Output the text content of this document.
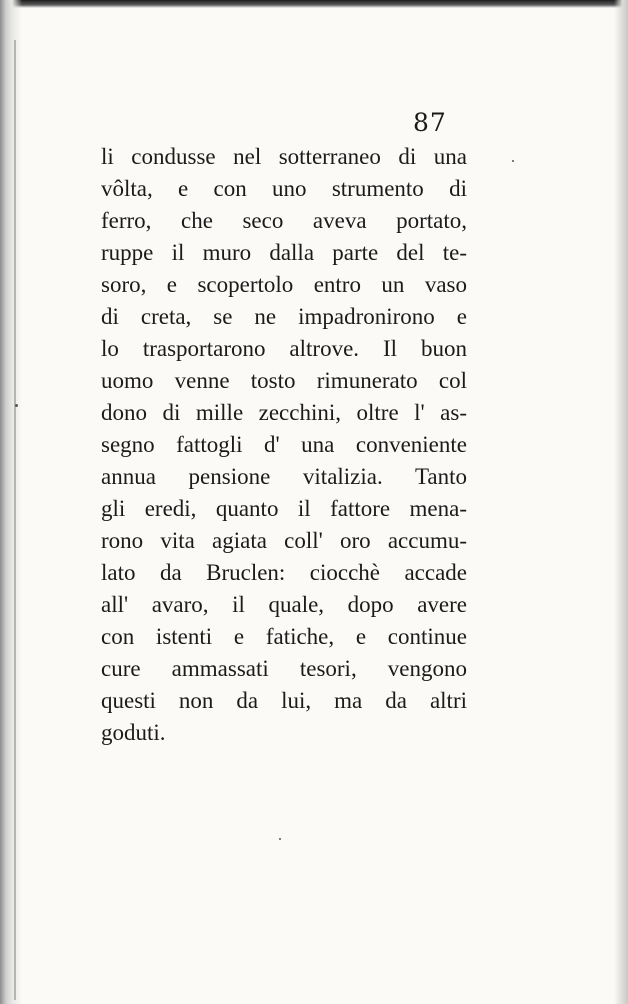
87
li condusse nel sotterraneo di una
vôlta, e con uno strumento di
ferro, che seco aveva portato,
ruppe il muro dalla parte del te-
soro, e scopertolo entro un vaso
di creta, se ne impadronirono e
lo trasportarono altrove. Il buon
uomo venne tosto rimunerato col
dono di mille zecchini, oltre l' as-
segno fattogli d' una conveniente
annua pensione vitalizia. Tanto
gli eredi, quanto il fattore mena-
rono vita agiata coll' oro accumu-
lato da Bruclen: ciocchè accade
all' avaro, il quale, dopo avere
con istenti e fatiche, e continue
cure ammassati tesori, vengono
questi non da lui, ma da altri
goduti.
